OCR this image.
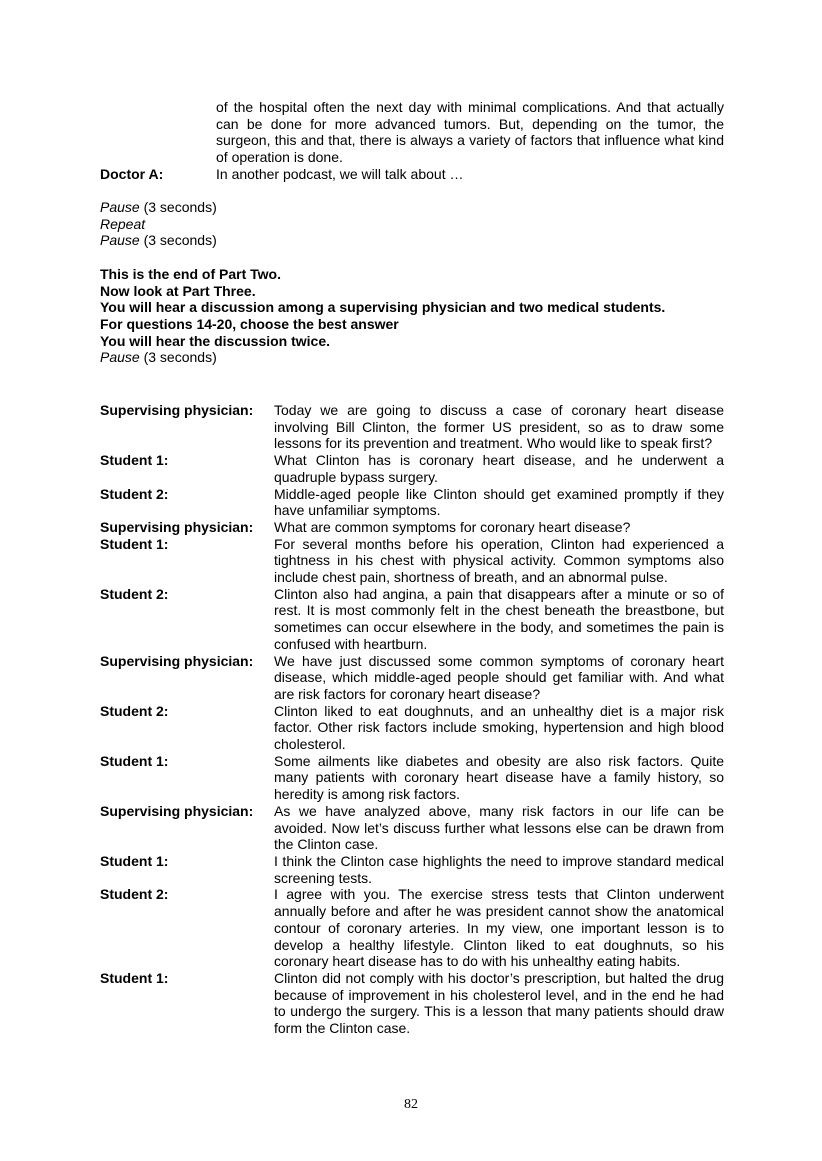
of the hospital often the next day with minimal complications. And that actually can be done for more advanced tumors. But, depending on the tumor, the surgeon, this and that, there is always a variety of factors that influence what kind of operation is done.
Doctor A:	In another podcast, we will talk about …

Pause (3 seconds)

Repeat

Pause (3 seconds)

This is the end of Part Two.

Now look at Part Three.

You will hear a discussion among a supervising physician and two medical students.

For questions 14-20, choose the best answer

You will hear the discussion twice.

Pause (3 seconds)

Supervising physician:	Today we are going to discuss a case of coronary heart disease involving Bill Clinton, the former US president, so as to draw some lessons for its prevention and treatment. Who would like to speak first?
Student 1:	What Clinton has is coronary heart disease, and he underwent a quadruple bypass surgery.
Student 2:	Middle-aged people like Clinton should get examined promptly if they have unfamiliar symptoms.
Supervising physician:	What are common symptoms for coronary heart disease?
Student 1:	For several months before his operation, Clinton had experienced a tightness in his chest with physical activity. Common symptoms also include chest pain, shortness of breath, and an abnormal pulse.
Student 2:	Clinton also had angina, a pain that disappears after a minute or so of rest. It is most commonly felt in the chest beneath the breastbone, but sometimes can occur elsewhere in the body, and sometimes the pain is confused with heartburn.
Supervising physician:	We have just discussed some common symptoms of coronary heart disease, which middle-aged people should get familiar with. And what are risk factors for coronary heart disease?
Student 2:	Clinton liked to eat doughnuts, and an unhealthy diet is a major risk factor. Other risk factors include smoking, hypertension and high blood cholesterol.
Student 1:	Some ailments like diabetes and obesity are also risk factors. Quite many patients with coronary heart disease have a family history, so heredity is among risk factors.
Supervising physician:	As we have analyzed above, many risk factors in our life can be avoided. Now let’s discuss further what lessons else can be drawn from the Clinton case.
Student 1:	I think the Clinton case highlights the need to improve standard medical screening tests.
Student 2:	I agree with you. The exercise stress tests that Clinton underwent annually before and after he was president cannot show the anatomical contour of coronary arteries. In my view, one important lesson is to develop a healthy lifestyle. Clinton liked to eat doughnuts, so his coronary heart disease has to do with his unhealthy eating habits.
Student 1:	Clinton did not comply with his doctor’s prescription, but halted the drug because of improvement in his cholesterol level, and in the end he had to undergo the surgery. This is a lesson that many patients should draw form the Clinton case.
82
